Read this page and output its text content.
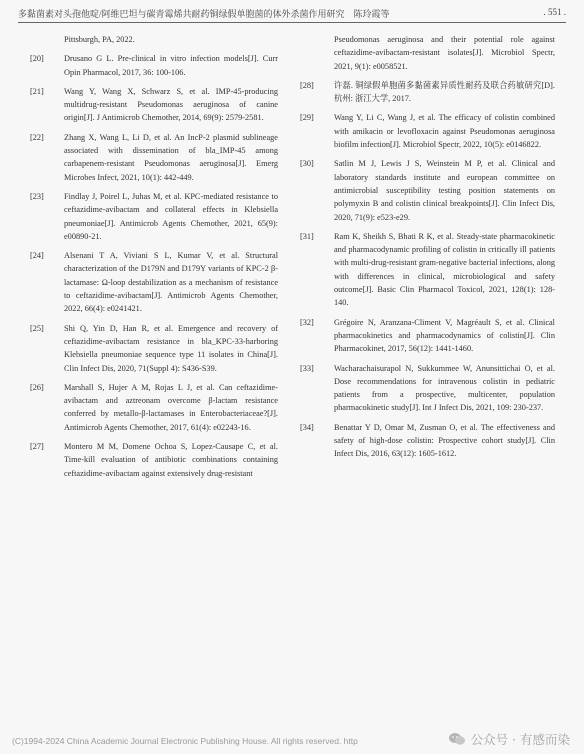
多黏菌素对头孢他啶/阿维巴坦与碳青霉烯共耐药铜绿假单胞菌的体外杀菌作用研究　陈玲霞等	. 551 .
Pittsburgh, PA, 2022.
[20]	Drusano G L. Pre-clinical in vitro infection models[J]. Curr Opin Pharmacol, 2017, 36: 100-106.
[21]	Wang Y, Wang X, Schwarz S, et al. IMP-45-producing multidrug-resistant Pseudomonas aeruginosa of canine origin[J]. J Antimicrob Chemother, 2014, 69(9): 2579-2581.
[22]	Zhang X, Wang L, Li D, et al. An IncP-2 plasmid sublineage associated with dissemination of bla_IMP-45 among carbapenem-resistant Pseudomonas aeruginosa[J]. Emerg Microbes Infect, 2021, 10(1): 442-449.
[23]	Findlay J, Poirel L, Juhas M, et al. KPC-mediated resistance to ceftazidime-avibactam and collateral effects in Klebsiella pneumoniae[J]. Antimicrob Agents Chemother, 2021, 65(9): e00890-21.
[24]	Alsenani T A, Viviani S L, Kumar V, et al. Structural characterization of the D179N and D179Y variants of KPC-2 β-lactamase: Ω-loop destabilization as a mechanism of resistance to ceftazidime-avibactam[J]. Antimicrob Agents Chemother, 2022, 66(4): e0241421.
[25]	Shi Q, Yin D, Han R, et al. Emergence and recovery of ceftazidime-avibactam resistance in bla_KPC-33-harboring Klebsiella pneumoniae sequence type 11 isolates in China[J]. Clin Infect Dis, 2020, 71(Suppl 4): S436-S39.
[26]	Marshall S, Hujer A M, Rojas L J, et al. Can ceftazidime-avibactam and aztreonam overcome β-lactam resistance conferred by metallo-β-lactamases in Enterobacteriaceae?[J]. Antimicrob Agents Chemother, 2017, 61(4): e02243-16.
[27]	Montero M M, Domene Ochoa S, Lopez-Causape C, et al. Time-kill evaluation of antibiotic combinations containing ceftazidime-avibactam against extensively drug-resistant
Pseudomonas aeruginosa and their potential role against ceftazidime-avibactam-resistant isolates[J]. Microbiol Spectr, 2021, 9(1): e0058521.
[28]	许磊. 铜绿假单胞菌多黏菌素异质性耐药及联合药敏研究[D]. 杭州: 浙江大学, 2017.
[29]	Wang Y, Li C, Wang J, et al. The efficacy of colistin combined with amikacin or levofloxacin against Pseudomonas aeruginosa biofilm infection[J]. Microbiol Spectr, 2022, 10(5): e0146822.
[30]	Satlin M J, Lewis J S, Weinstein M P, et al. Clinical and laboratory standards institute and european committee on antimicrobial susceptibility testing position statements on polymyxin B and colistin clinical breakpoints[J]. Clin Infect Dis, 2020, 71(9): e523-e29.
[31]	Ram K, Sheikh S, Bhati R K, et al. Steady-state pharmacokinetic and pharmacodynamic profiling of colistin in critically ill patients with multi-drug-resistant gram-negative bacterial infections, along with differences in clinical, microbiological and safety outcome[J]. Basic Clin Pharmacol Toxicol, 2021, 128(1): 128-140.
[32]	Grégoire N, Aranzana-Climent V, Magréault S, et al. Clinical pharmacokinetics and pharmacodynamics of colistin[J]. Clin Pharmacokinet, 2017, 56(12): 1441-1460.
[33]	Wacharachaisurapol N, Sukkummee W, Anunsittichai O, et al. Dose recommendations for intravenous colistin in pediatric patients from a prospective, multicenter, population pharmacokinetic study[J]. Int J Infect Dis, 2021, 109: 230-237.
[34]	Benattar Y D, Omar M, Zusman O, et al. The effectiveness and safety of high-dose colistin: Prospective cohort study[J]. Clin Infect Dis, 2016, 63(12): 1605-1612.
(C)1994-2024 China Academic Journal Electronic Publishing House. All rights reserved. http	公众号 · 有感而染
